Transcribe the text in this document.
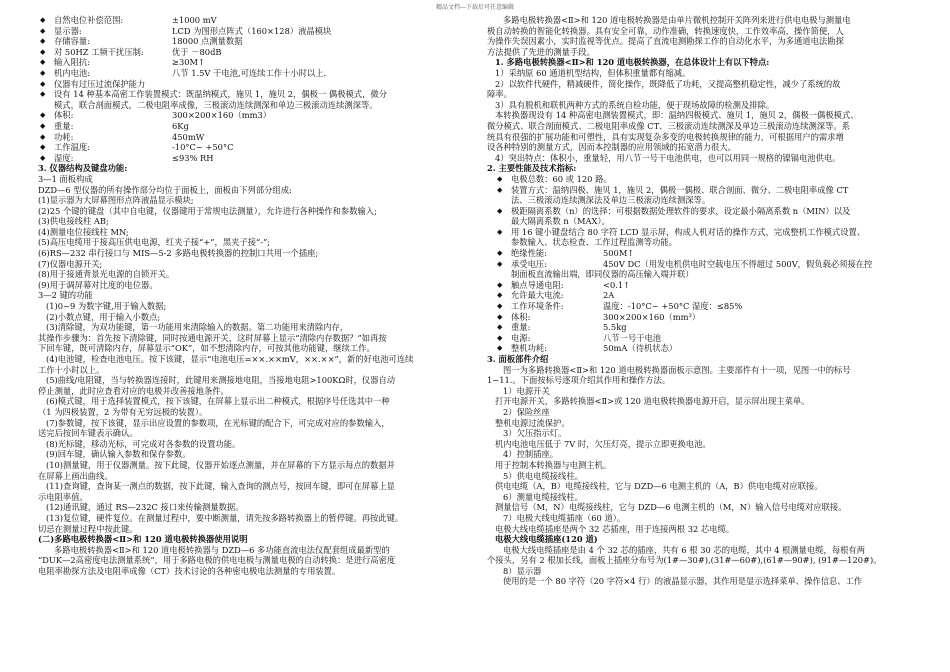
精品文档---下载后可任意编辑
◆ 自然电位补偿范围:	±1000 mV
◆ 显示器:	LCD 为图形点阵式（160×128）液晶模块
◆ 存储容量:	18000 点测量数据
◆ 对 50HZ 工频干扰压制:	优于 －80dB
◆ 输入阻抗:	≥30M↑
◆ 机内电池:	八节 1.5V 干电池,可连续工作十小时以上.
◆ 仪器有过压过流保护能力
◆ 设有 14 种基本高密工作装置模式：既温纳模式，施贝 1，施贝 2，偶极一 偶极模式，微分
模式，联合剖面模式，二极电阻率成像，三极滚动连续测深和单边三极滚动连续测深等。
◆ 体积:	300×200×160（mm3）
◆ 重量:	6Kg
◆ 功耗:	450mW
◆ 工作温度:	-10°C~ +50°C
◆ 湿度:	≤93% RH
3. 仪器结构及键盘功能:
3—1 面板构成
DZD—6 型仪器的所有操作部分均位于面板上，面板由下列部分组成:
(1)显示器为大屏幕图形点阵液晶显示模块;
(2)25 个键的键盘（其中自电键，仪器键用于常规电法测量），允许进行各种操作和参数输入;
(3)供电接线柱 AB;
(4)测量电位接线柱 MN;
(5)高压电缆用于接高压供电电源，红夹子接“+”，黑夹子接“-”;
(6)RS—232 串行接口与 MIS—5-2 多路电极转换器的控制口共用一个插座;
(7)仪器电源开关;
(8)用于接通背景光电源的自锁开关。
(9)用于调屏幕对比度的电位器。
3—2 键的功能
(1)0~9 为数字键,用于输入数据;
(2)小数点键，用于输入小数点;
(3)清除键，为双功能键，第一功能用来清除输入的数据。第二功能用来清除内存，
其操作步骤为：首先按下清除键，同时按通电源开关，这时屏幕上显示“清除内存数据？”如再按
下回车键，既可清除内存，屏幕显示“OK”，如不想清除内存，可按其他功能键，继续工作。
(4)电池键，检查电池电压。按下该键，显示“电池电压=××.××mV，××.××”，新的好电池可连续
工作十小时以上。
(5)曲线/电阻键，当与转换器连接时，此键用来测接地电阻，当接地电阻>100KΩ时，仪器自动
停止测量，此时应查看对应的电极并改善接地条件。
(6)模式键，用于选择装置模式，按下该键，在屏幕上显示出二种模式，根据序号任选其中一种
（1 为四极装置，2 为带有无穷远极的装置）。
(7)参数键，按下该键，显示出应设置的参数项，在光标键的配合下，可完成对应的参数输入，
送完后按回车键表示确认。
(8)光标键，移动光标，可完成对各参数的设置功能。
(9)回车键，确认输入参数和保存参数。
(10)测量键，用于仪器测量。按下此键，仪器开始逐点测量，并在屏幕的下方显示每点的数据并
在屏幕上画出曲线。
(11)查询键，查询某一测点的数据，按下此键，输入查询的测点号，按回车键，即可在屏幕上显
示电阻率值。
(12)通讯键，通过 RS—232C 接口来传输测量数据。
(13)复位键，硬件复位。在测量过程中，要中断测量，请先按多路转换器上的暂停键。再按此键。
切忌在测量过程中按此键。
(二)多路电极转换器<Ⅱ>和 120 道电极转换器使用说明
多路电极转换器<Ⅱ>和 120 道电极转换器与 DZD—6 多功能直流电法仪配套组成最新型的
“DUK—2高密度电法测量系统”，用于多路电极的供电电极与测量电极的自动转换：是进行高密度
电阻率勘探方法及电阻率成像（CT）技术讨论的各种密电极电法测量的专用装置。
多路电极转换器<Ⅱ>和 120 道电极转换器是由单片微机控制开关阵列来进行供电电极与测量电
极自动转换的智能化转换器。具有安全可靠，动作准确，转换速度快，工作效率高，操作简便，人
为操作失误因素小，实时监视等优点。提高了直流电测勘探工作的自动化水平，为多通道电法勘探
方法提供了先进的测量手段。
1. 多路电极转换器<Ⅱ>和 120 道电极转换器，在总体设计上有以下特点:
1）采纳原 60 通道机型结构，但体积重量都有缩减。
2）以软件代硬件，精减硬件，简化操作，既降低了功耗，又提高整机稳定性，减少了系统的故
障率。
3）具有脱机和联机两种方式的系统自检功能，便于现场故障的检测及排除。
本转换器现设有 14 种高密电测装置模式，即：温纳四极模式、施贝 1，施贝 2，偶极一偶极模式、
微分模式、联合剖面模式、二极电阻率成像 CT、三极滚动连续测深及单边三极滚动连续测深等。系
统具有很强的扩展功能和可塑性，具有实现复杂多变的电极转换规律的能力，可根据用户的需求增
设各种特别的测量方式，因而本控制器的应用领域的拓宽潜力很大。
4）突出特点：体积小，重量轻，用八节一号干电池供电，也可以用同一规格的镍镉电池供电。
2. 主要性能及技术指标:
◆ 电极总数：60 或 120 路。
◆ 装置方式：温纳四极、施贝 1，施贝 2，偶极一偶极、联合剖面、微分、二极电阻率成像 CT
法、三极滚动连续测深法及单边三极滚动连续测深等。
◆ 极距隔离系数（n）的选择：可根据数据处理软件的要求，设定最小隔离系数 n（MIN）以及
最大隔离系数 n（MAX）。
◆ 用 16 键小键盘结合 80 字符 LCD 显示屏，构成人机对话的操作方式，完成整机工作模式设置、
参数输入、状态检查、工作过程监测等功能。
◆ 绝缘性能:	500M↑
◆ 承受电压:	450V DC（用发电机供电时空载电压不得超过 500V，假负载必须接在控
制面板直流输出端，即同仪器的高压输入端并联）
◆ 触点导通电阻:	<0.1↑
◆ 允许最大电流:	2A
◆ 工作环境条件:	温度：-10°C~ +50°C 湿度：≤85%
◆ 体积:	300×200×160（mm³）
◆ 重量:	5.5kg
◆ 电源:	八节一号干电池
◆ 整机功耗:	50mA（待机状态）
3. 面板部件介绍
图一为多路转换器<Ⅱ>和 120 道电极转换器面板示意图。主要部件有十一项，见图一中的标号
1~11.。下面按标号逐项介绍其作用和操作方法。
1）电源开关
打开电源开关，多路转换器<Ⅱ>或 120 道电极转换器电源开启，显示屏出现主菜单。
2）保险丝座
整机电源过流保护。
3）欠压指示灯。
机内电池电压低于 7V 时，欠压灯亮，提示立即更换电池。
4）控制插座。
用于控制本转换器与电测主机。
5）供电电缆接线柱。
供电电缆（A，B）电缆接线柱，它与 DZD—6 电测主机的（A，B）供电电缆对应联接。
6）测量电缆接线柱。
测量信号（M，N）电缆接线柱，它与 DZD—6 电测主机的（M，N）输入信号电缆对应联接。
7）电极大线电缆插座（60 道）。
电极大线电缆插座是两个 32 芯插座，用于连接两根 32 芯电缆。
电极大线电缆插座(120 道)
电极大线电缆插座是由 4 个 32 芯的插座，共有 6 根 30 芯的电缆，其中 4 根测量电缆，每根有两
个接头，另有 2 根加长线，面板上插座分布号为(1#—30#),(31#—60#),(61#—90#), (91#—120#)。
8）显示器
使用的是一个 80 字符（20 字符×4 行）的液晶显示器，其作用是显示选择菜单、操作信息、工作
